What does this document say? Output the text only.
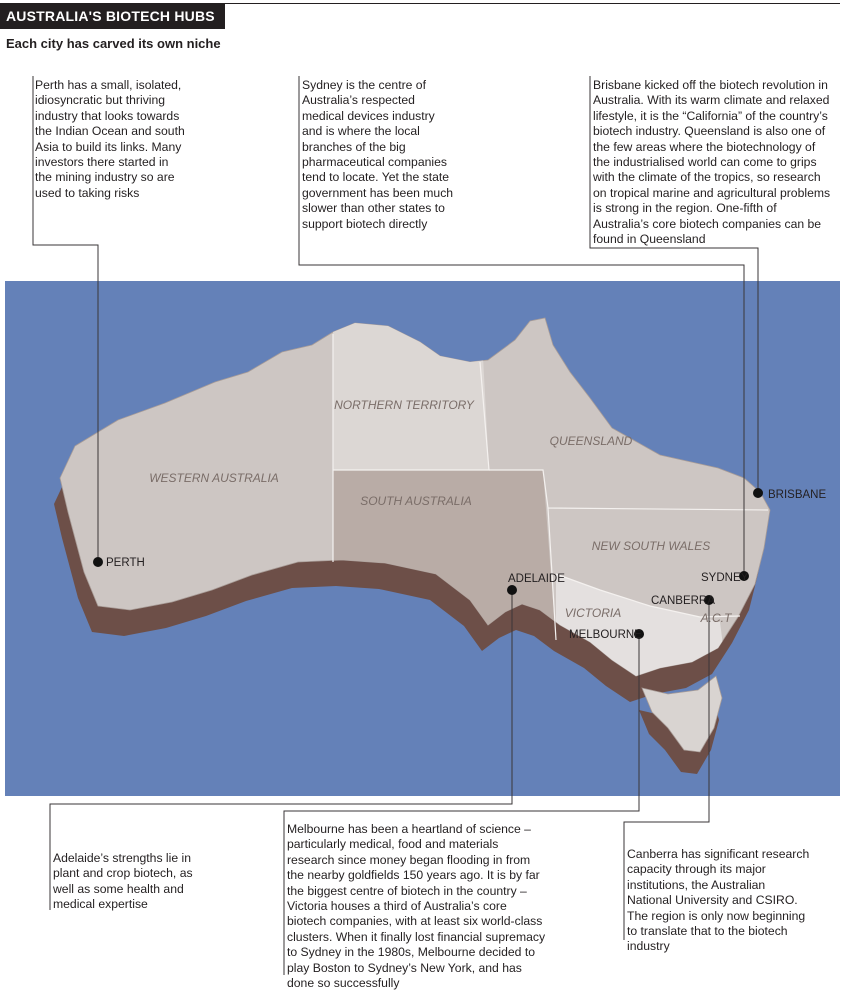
AUSTRALIA'S BIOTECH HUBS
Each city has carved its own niche
WESTERN AUSTRALIA
NORTHERN TERRITORY
QUEENSLAND
SOUTH AUSTRALIA
NEW SOUTH WALES
VICTORIA	A.C.T
PERTH
ADELAIDE
MELBOURNE
CANBERRA
SYDNEY
BRISBANE
Perth has a small, isolated, idiosyncratic but thriving industry that looks towards the Indian Ocean and south Asia to build its links. Many investors there started in the mining industry so are used to taking risks
Sydney is the centre of Australia’s respected medical devices industry and is where the local branches of the big pharmaceutical companies tend to locate. Yet the state government has been much slower than other states to support biotech directly
Brisbane kicked off the biotech revolution in Australia. With its warm climate and relaxed lifestyle, it is the “California” of the country’s biotech industry. Queensland is also one of the few areas where the biotechnology of the industrialised world can come to grips with the climate of the tropics, so research on tropical marine and agricultural problems is strong in the region. One-fifth of Australia’s core biotech companies can be found in Queensland
Adelaide’s strengths lie in plant and crop biotech, as well as some health and medical expertise
Melbourne has been a heartland of science – particularly medical, food and materials research since money began flooding in from the nearby goldfields 150 years ago. It is by far the biggest centre of biotech in the country – Victoria houses a third of Australia’s core biotech companies, with at least six world-class clusters. When it finally lost financial supremacy to Sydney in the 1980s, Melbourne decided to play Boston to Sydney’s New York, and has done so successfully
Canberra has significant research capacity through its major institutions, the Australian National University and CSIRO. The region is only now beginning to translate that to the biotech industry
